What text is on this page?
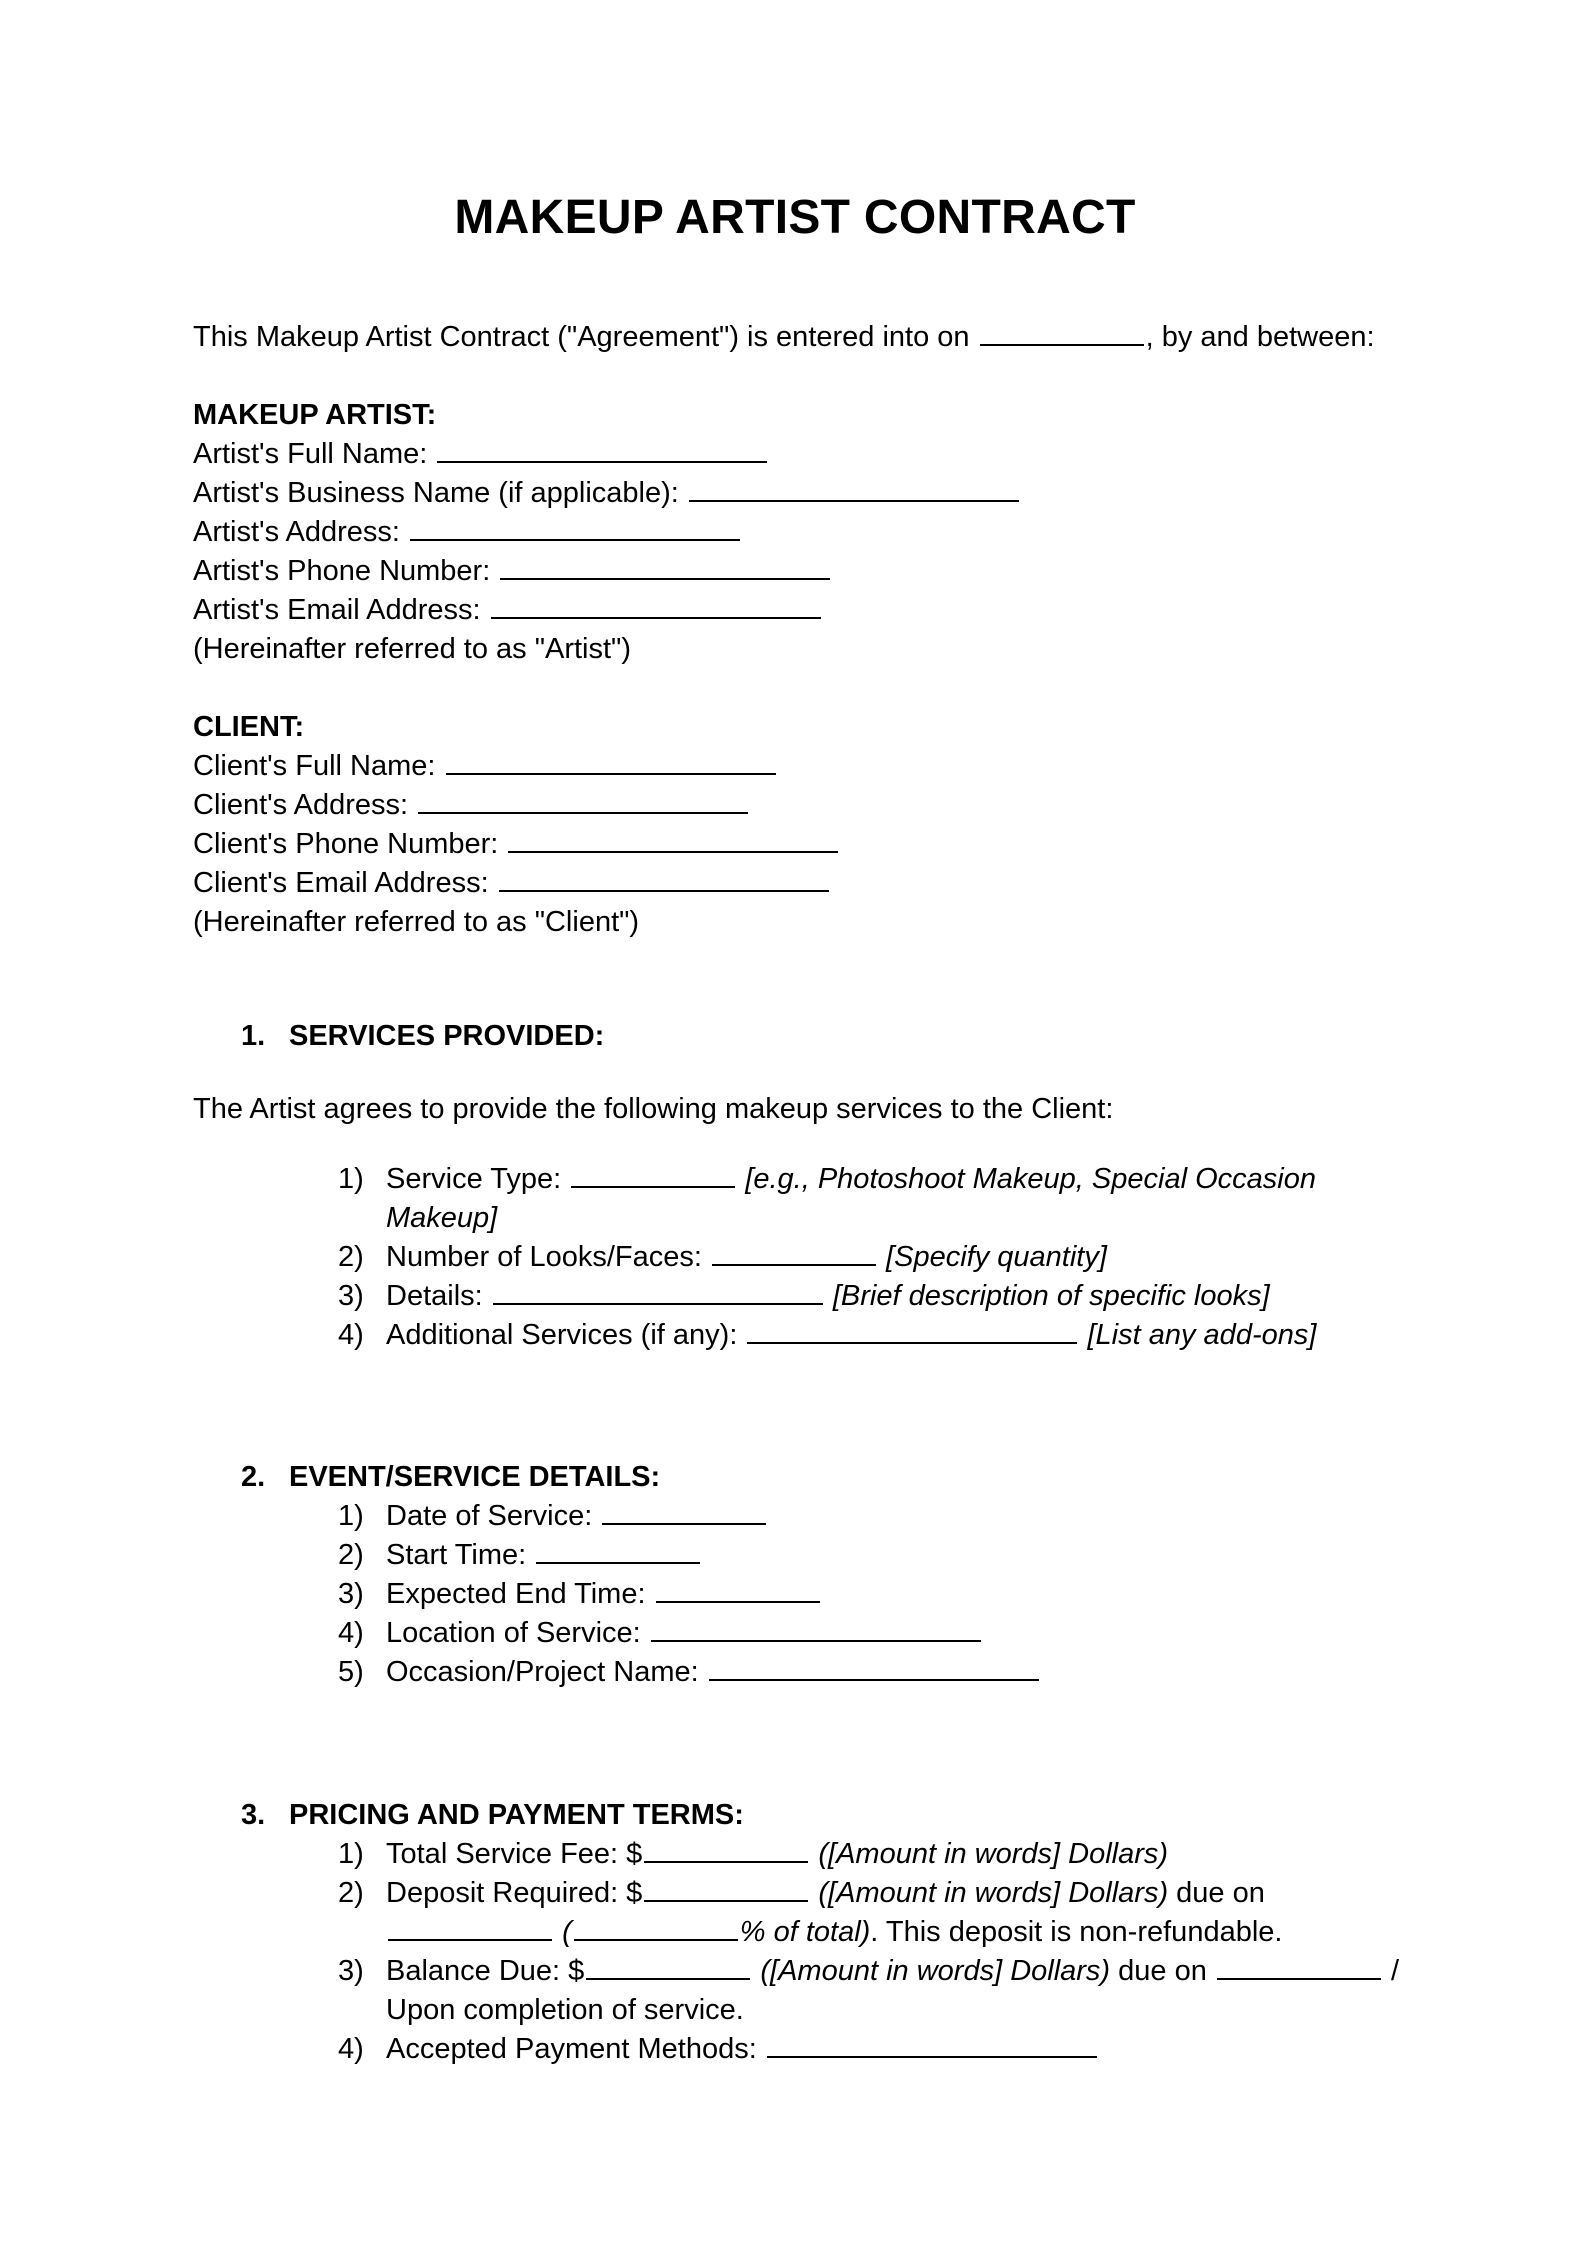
MAKEUP ARTIST CONTRACT
This Makeup Artist Contract ("Agreement") is entered into on	, by and between:
MAKEUP ARTIST:
Artist's Full Name:
Artist's Business Name (if applicable):
Artist's Address:
Artist's Phone Number:
Artist's Email Address:
(Hereinafter referred to as "Artist")
CLIENT:
Client's Full Name:
Client's Address:
Client's Phone Number:
Client's Email Address:
(Hereinafter referred to as "Client")
1. SERVICES PROVIDED:
The Artist agrees to provide the following makeup services to the Client:
1) Service Type:	[e.g., Photoshoot Makeup, Special Occasion
Makeup]
2) Number of Looks/Faces:	[Specify quantity]
3) Details:	[Brief description of specific looks]
4) Additional Services (if any):	[List any add-ons]
2. EVENT/SERVICE DETAILS:
1) Date of Service:
2) Start Time:
3) Expected End Time:
4) Location of Service:
5) Occasion/Project Name:
3. PRICING AND PAYMENT TERMS:
1) Total Service Fee: $	([Amount in words] Dollars)
2) Deposit Required: $	([Amount in words] Dollars) due on
(	% of total). This deposit is non-refundable.
3) Balance Due: $	([Amount in words] Dollars) due on	/
Upon completion of service.
4) Accepted Payment Methods:
